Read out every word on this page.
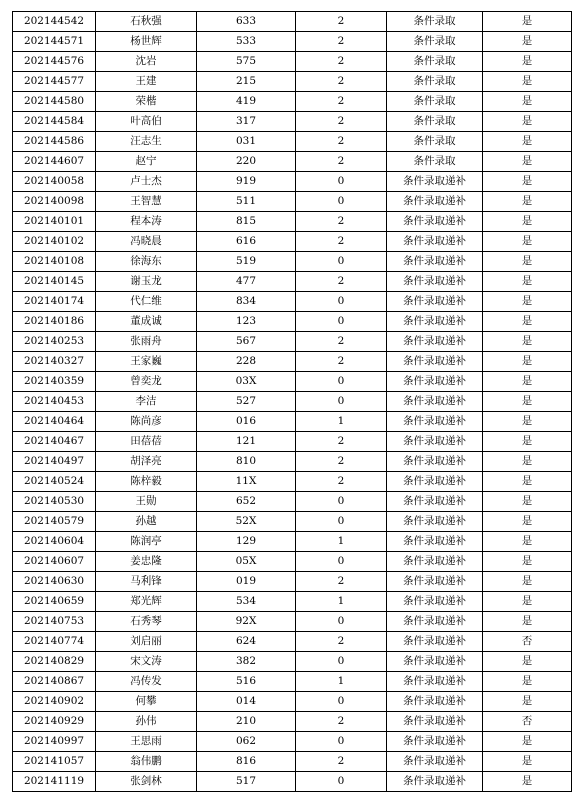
202144542	石秋强	633	2	条件录取	是
202144571	杨世辉	533	2	条件录取	是
202144576	沈岩	575	2	条件录取	是
202144577	王建	215	2	条件录取	是
202144580	荣楷	419	2	条件录取	是
202144584	叶高伯	317	2	条件录取	是
202144586	汪志生	031	2	条件录取	是
202144607	赵宁	220	2	条件录取	是
202140058	卢士杰	919	0	条件录取递补	是
202140098	王智慧	511	0	条件录取递补	是
202140101	程本涛	815	2	条件录取递补	是
202140102	冯晓晨	616	2	条件录取递补	是
202140108	徐海东	519	0	条件录取递补	是
202140145	谢玉龙	477	2	条件录取递补	是
202140174	代仁维	834	0	条件录取递补	是
202140186	董成诚	123	0	条件录取递补	是
202140253	张雨舟	567	2	条件录取递补	是
202140327	王家巍	228	2	条件录取递补	是
202140359	曾奕龙	03X	0	条件录取递补	是
202140453	李洁	527	0	条件录取递补	是
202140464	陈尚彦	016	1	条件录取递补	是
202140467	田蓓蓓	121	2	条件录取递补	是
202140497	胡泽亮	810	2	条件录取递补	是
202140524	陈梓毅	11X	2	条件录取递补	是
202140530	王勋	652	0	条件录取递补	是
202140579	孙越	52X	0	条件录取递补	是
202140604	陈润亭	129	1	条件录取递补	是
202140607	姜忠隆	05X	0	条件录取递补	是
202140630	马利锋	019	2	条件录取递补	是
202140659	郑光辉	534	1	条件录取递补	是
202140753	石秀琴	92X	0	条件录取递补	是
202140774	刘启丽	624	2	条件录取递补	否
202140829	宋文涛	382	0	条件录取递补	是
202140867	冯传发	516	1	条件录取递补	是
202140902	何攀	014	0	条件录取递补	是
202140929	孙伟	210	2	条件录取递补	否
202140997	王思雨	062	0	条件录取递补	是
202141057	翁伟鹏	816	2	条件录取递补	是
202141119	张剑林	517	0	条件录取递补	是
